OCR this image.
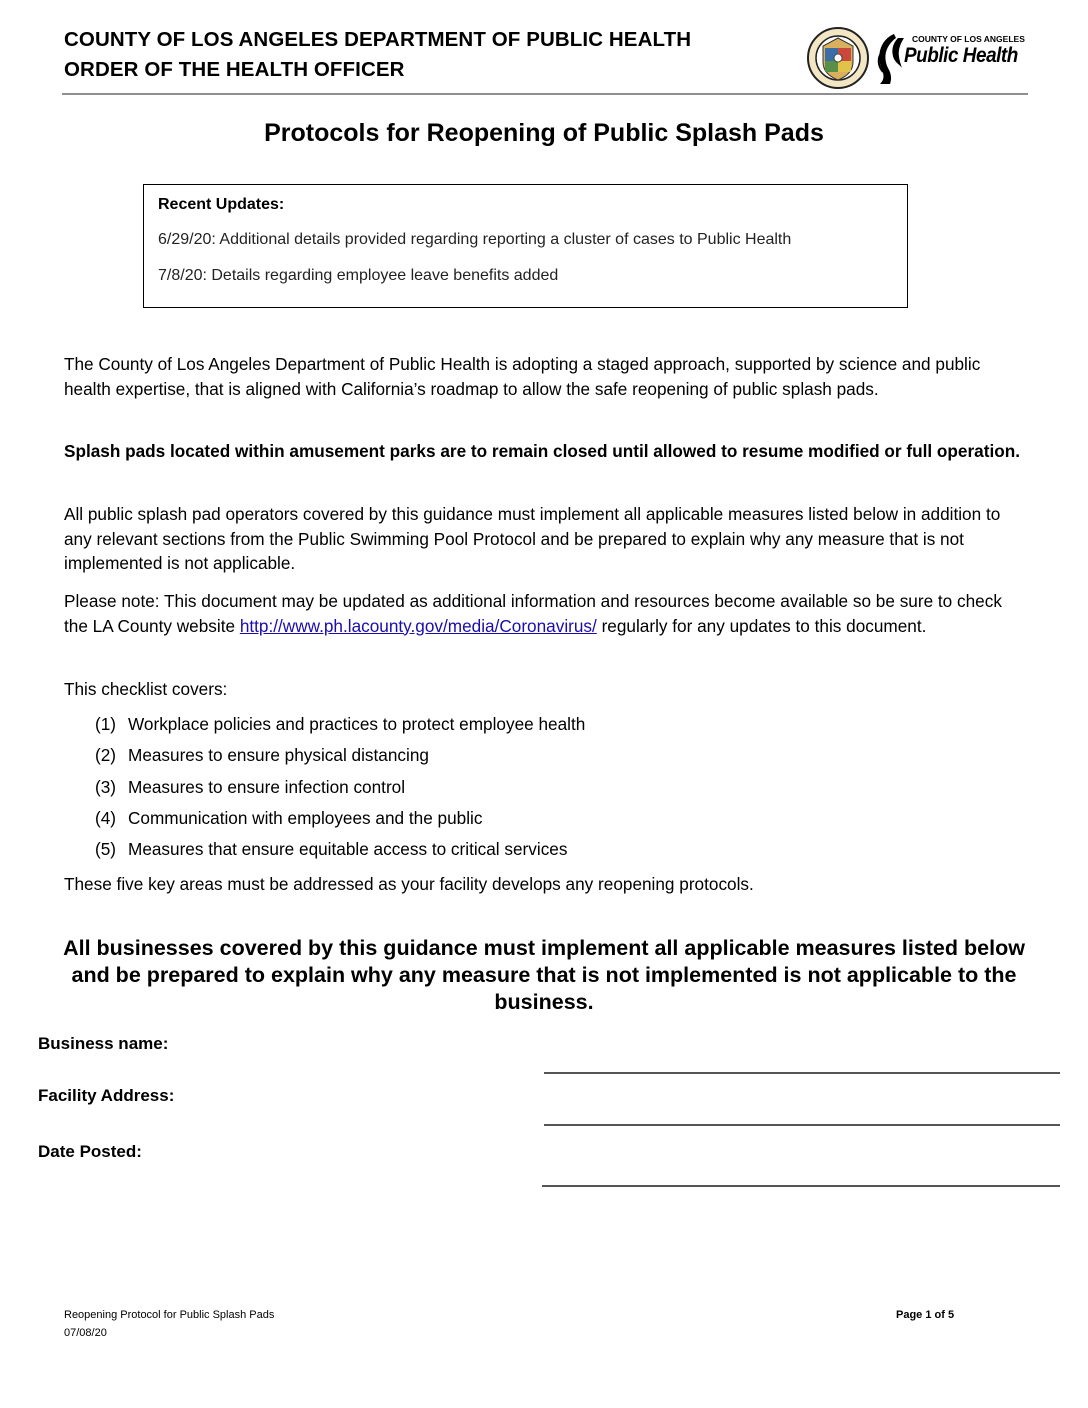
COUNTY OF LOS ANGELES DEPARTMENT OF PUBLIC HEALTH
ORDER OF THE HEALTH OFFICER
COUNTY OF LOS ANGELES
Public Health
Protocols for Reopening of Public Splash Pads
Recent Updates:
6/29/20: Additional details provided regarding reporting a cluster of cases to Public Health
7/8/20: Details regarding employee leave benefits added
The County of Los Angeles Department of Public Health is adopting a staged approach, supported by science and public health expertise, that is aligned with California’s roadmap to allow the safe reopening of public splash pads.
Splash pads located within amusement parks are to remain closed until allowed to resume modified or full operation.
All public splash pad operators covered by this guidance must implement all applicable measures listed below in addition to any relevant sections from the Public Swimming Pool Protocol and be prepared to explain why any measure that is not implemented is not applicable.
Please note: This document may be updated as additional information and resources become available so be sure to check the LA County website http://www.ph.lacounty.gov/media/Coronavirus/ regularly for any updates to this document.
This checklist covers:
(1) Workplace policies and practices to protect employee health
(2) Measures to ensure physical distancing
(3) Measures to ensure infection control
(4) Communication with employees and the public
(5) Measures that ensure equitable access to critical services
These five key areas must be addressed as your facility develops any reopening protocols.
All businesses covered by this guidance must implement all applicable measures listed below and be prepared to explain why any measure that is not implemented is not applicable to the business.
Business name:
Facility Address:
Date Posted:
Reopening Protocol for Public Splash Pads
07/08/20
Page 1 of 5
